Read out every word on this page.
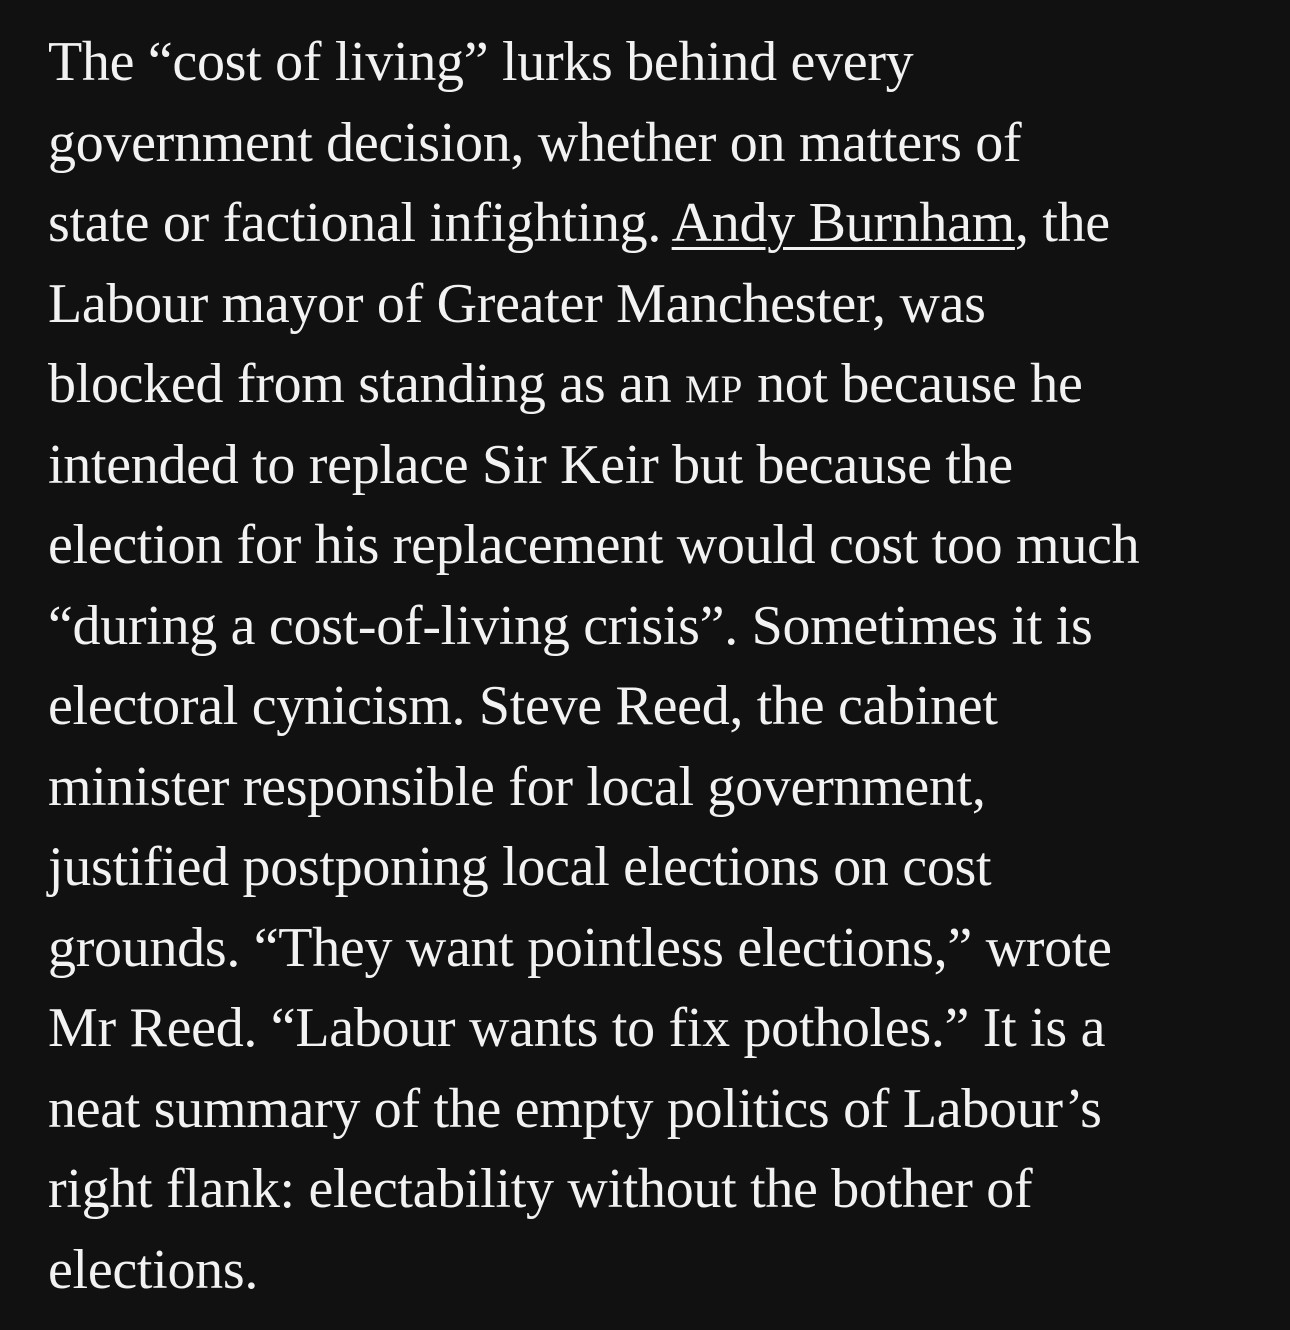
The “cost of living” lurks behind every
government decision, whether on matters of
state or factional infighting. Andy Burnham, the
Labour mayor of Greater Manchester, was
blocked from standing as an mp not because he
intended to replace Sir Keir but because the
election for his replacement would cost too much
“during a cost-of-living crisis”. Sometimes it is
electoral cynicism. Steve Reed, the cabinet
minister responsible for local government,
justified postponing local elections on cost
grounds. “They want pointless elections,” wrote
Mr Reed. “Labour wants to fix potholes.” It is a
neat summary of the empty politics of Labour’s
right flank: electability without the bother of
elections.
